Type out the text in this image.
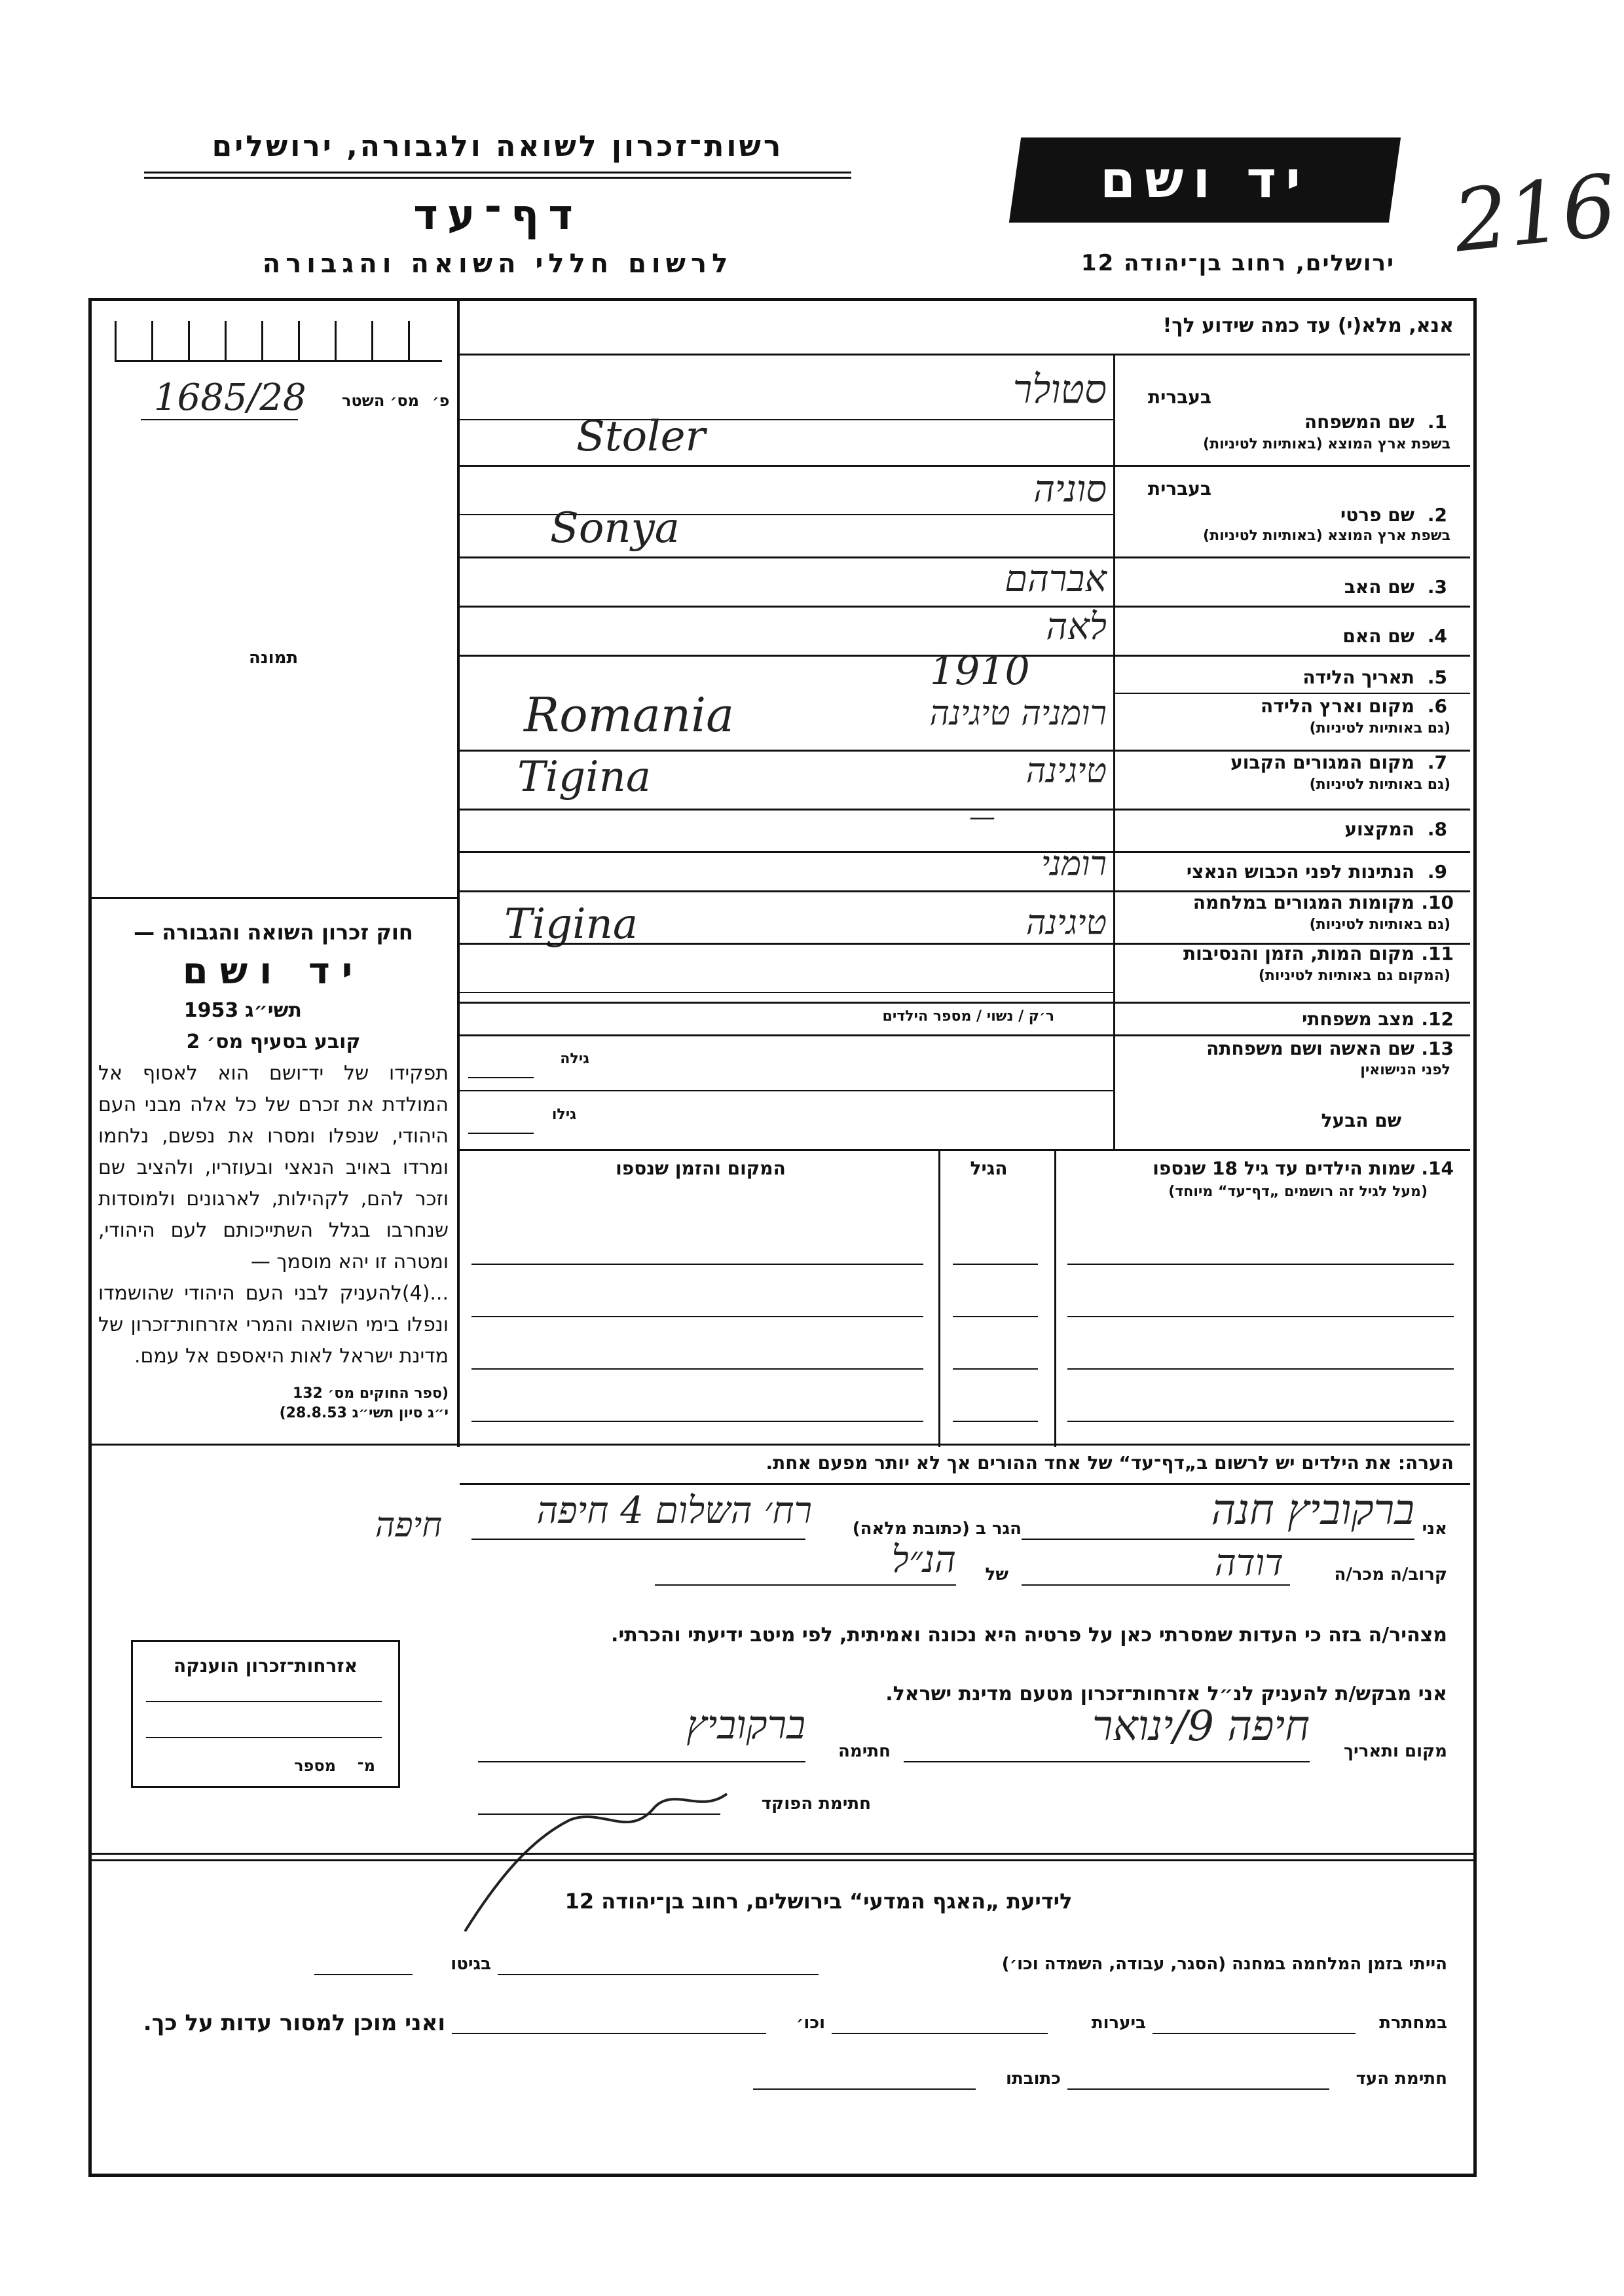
רשות־זכרון לשואה ולגבורה, ירושלים
דף־עד
לרשום חללי השואה והגבורה
יד ושם
ירושלים, רחוב בן־יהודה 12 216
מס׳ השטר פ׳
1685/28
תמונה
חוק זכרון השואה והגבורה —
יד ושם
תשי״ג
1953
קובע בסעיף מס׳ 2
תפקידו של יד־ושם הוא לאסוף אל המולדת את זכרם של כל אלה מבני העם היהודי, שנפלו ומסרו את נפשם, נלחמו ומרדו באויב הנאצי ובעוזריו, ולהציב שם וזכר להם, לקהילות, לארגונים ולמוסדות שנחרבו בגלל השתייכותם לעם היהודי, ומטרה זו יהא מוסמך —
...(4)להעניק לבני העם היהודי שהושמדו ונפלו בימי השואה והמרי אזרחות־זכרון של מדינת ישראל לאות היאספם אל עמם.
(ספר החוקים מס׳ 132
י״ג סיון תשי״ג 28.8.53)
אנא, מלא(י) עד כמה שידוע לך!
1.
שם המשפחה
בשפת ארץ המוצא (באותיות לטיניות)
בעברית
סטולר
Stoler
2.
שם פרטי
בשפת ארץ המוצא (באותיות לטיניות)
בעברית
סוניה
Sonya
3.
שם האב
אברהם
4.
שם האם
לאה
5.
תאריך הלידה
1910
6.
מקום וארץ הלידה
(גם באותיות לטיניות)
רומניה טיגינה
Romania
7.
מקום המגורים הקבוע
(גם באותיות לטיניות)
טיגינה
Tigina
8.
המקצוע
—
9.
הנתינות לפני הכבוש הנאצי
רומני
10.
מקומות המגורים במלחמה
(גם באותיות לטיניות)
טיגינה
Tigina
11.
מקום המות, הזמן והנסיבות
(המקום גם באותיות לטיניות)
12.
מצב משפחתי
ר׳ק / נשוי / מספר הילדים
13.
שם האשה ושם משפחתה
לפני הנישואין
גילה
שם הבעל
גילו
14. שמות הילדים עד גיל 18 שנספו
(מעל לגיל זה רושמים „דף־עד“ מיוחד)
הגיל
המקום והזמן שנספו
הערה: את הילדים יש לרשום ב„דף־עד“ של אחד ההורים אך לא יותר מפעם אחת.
אני
ברקוביץ חנה
הגר ב (כתובת מלאה)
רח׳ השלום 4 חיפה
קרוב/ה מכר/ה
דודה
של
הנ״ל
חיפה
מצהיר/ה בזה כי העדות שמסרתי כאן על פרטיה היא נכונה ואמיתית, לפי מיטב ידיעתי והכרתי.
אני מבקש/ת להעניק לנ״ל אזרחות־זכרון מטעם מדינת ישראל.
מקום ותאריך
חיפה 9/ינואר
חתימה
ברקוביץ
חתימת הפוקד
אזרחות־זכרון הוענקה
מספר	מ־
לידיעת „האגף המדעי“ בירושלים, רחוב בן־יהודה 12
הייתי בזמן המלחמה במחנה (הסגר, עבודה, השמדה וכו׳)
בגיטו
במחתרת
ביערות
וכו׳
ואני מוכן למסור עדות על כך.
חתימת העד
כתובתו
